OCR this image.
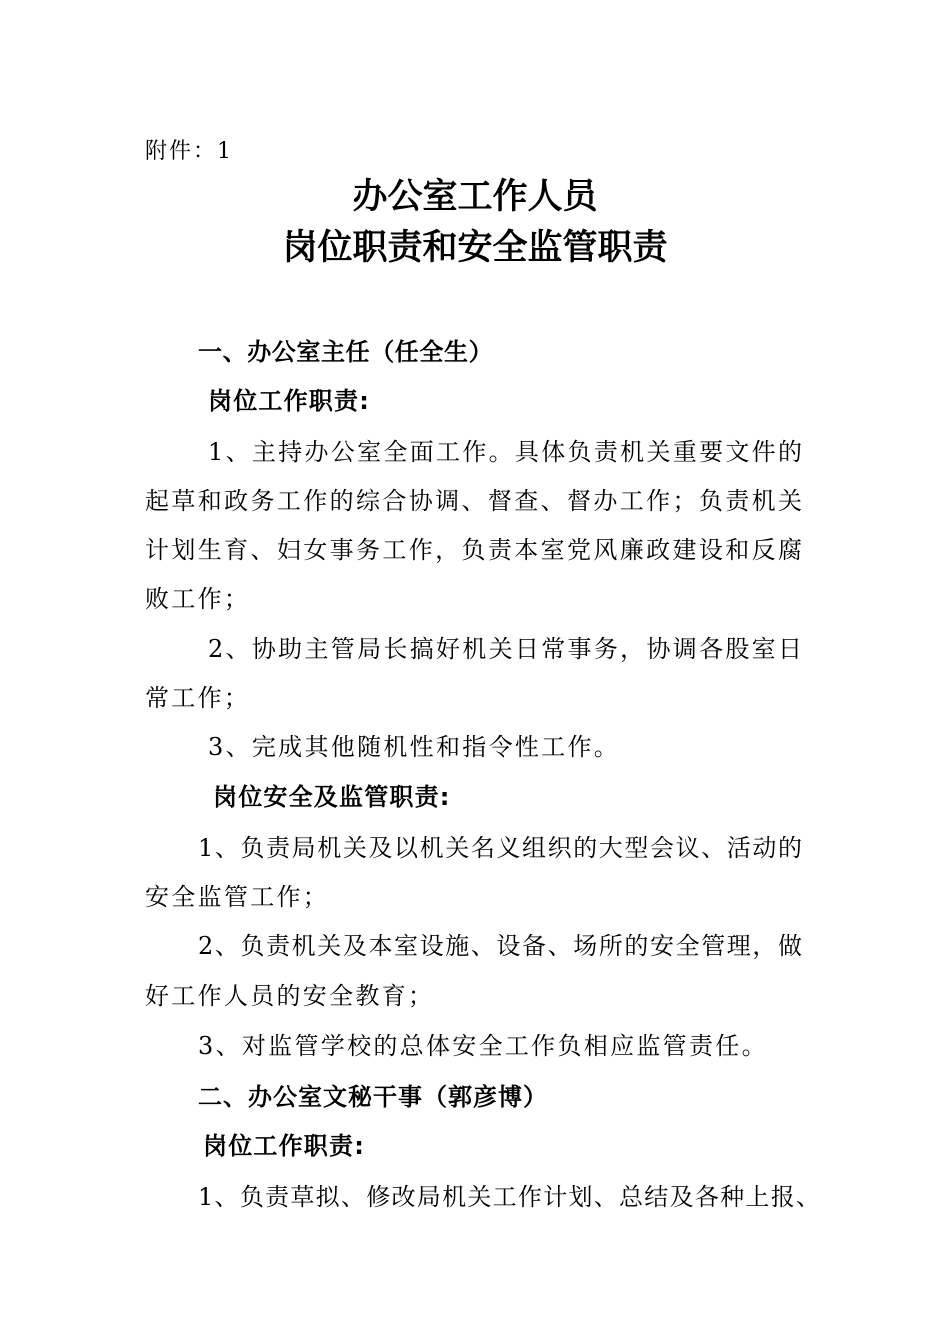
附件：1
办公室工作人员
岗位职责和安全监管职责
一、办公室主任（任全生）
岗位工作职责:

1、主持办公室全面工作。具体负责机关重要文件的

起草和政务工作的综合协调、督查、督办工作；负责机关

计划生育、妇女事务工作，负责本室党风廉政建设和反腐

败工作；

2、协助主管局长搞好机关日常事务，协调各股室日

常工作；

3、完成其他随机性和指令性工作。

岗位安全及监管职责:

1、负责局机关及以机关名义组织的大型会议、活动的

安全监管工作；

2、负责机关及本室设施、设备、场所的安全管理，做

好工作人员的安全教育；

3、对监管学校的总体安全工作负相应监管责任。

二、办公室文秘干事（郭彦博）
岗位工作职责:

1、负责草拟、修改局机关工作计划、总结及各种上报、
